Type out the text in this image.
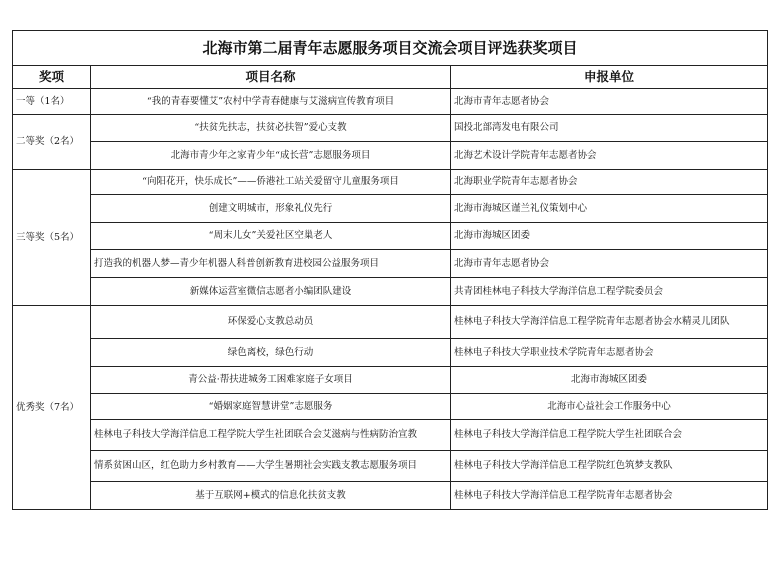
北海市第二届青年志愿服务项目交流会项目评选获奖项目		
奖项	项目名称	申报单位
一等（1名）	“我的青春要懂艾”农村中学青春健康与艾滋病宣传教育项目	北海市青年志愿者协会
二等奖（2名）	“扶贫先扶志，扶贫必扶智”爱心支教	国投北部湾发电有限公司
	北海市青少年之家青少年“成长营”志愿服务项目	北海艺术设计学院青年志愿者协会
三等奖（5名）	“向阳花开，快乐成长”——侨港社工站关爱留守儿童服务项目	北海职业学院青年志愿者协会
	创建文明城市，形象礼仪先行	北海市海城区谨兰礼仪策划中心
	“周末儿女”关爱社区空巢老人	北海市海城区团委
	打造我的机器人梦—青少年机器人科普创新教育进校园公益服务项目	北海市青年志愿者协会
	新媒体运营室微信志愿者小编团队建设	共青团桂林电子科技大学海洋信息工程学院委员会
优秀奖（7名）	环保爱心支教总动员	桂林电子科技大学海洋信息工程学院青年志愿者协会水精灵儿团队
	绿色离校，绿色行动	桂林电子科技大学职业技术学院青年志愿者协会
	青公益·帮扶进城务工困难家庭子女项目	北海市海城区团委
	“婚姻家庭智慧讲堂”志愿服务	北海市心益社会工作服务中心
	桂林电子科技大学海洋信息工程学院大学生社团联合会艾滋病与性病防治宣教	桂林电子科技大学海洋信息工程学院大学生社团联合会
	情系贫困山区，红色助力乡村教育——大学生暑期社会实践支教志愿服务项目	桂林电子科技大学海洋信息工程学院红色筑梦支教队
	基于互联网+模式的信息化扶贫支教	桂林电子科技大学海洋信息工程学院青年志愿者协会
